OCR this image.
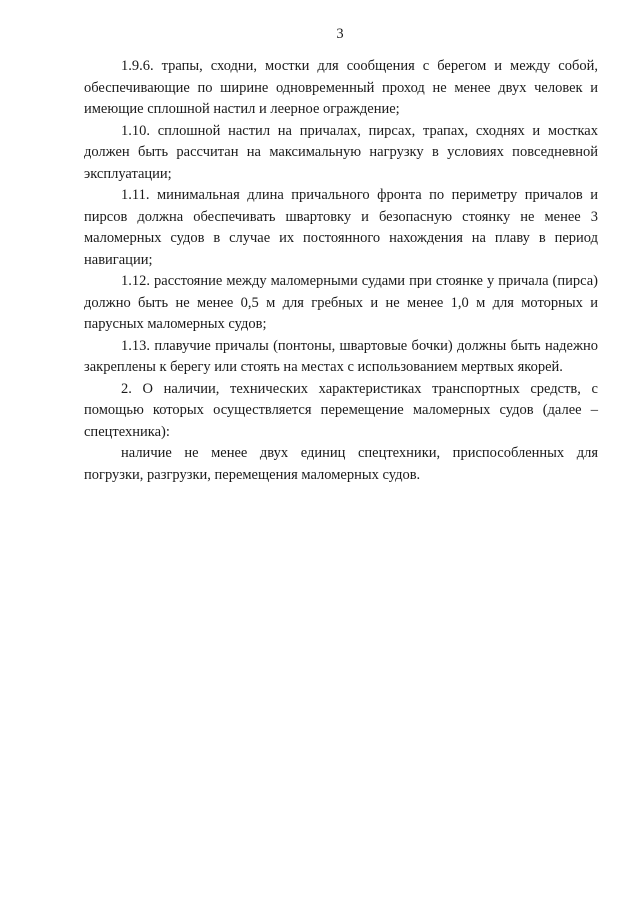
3

1.9.6. трапы, сходни, мостки для сообщения с берегом и между собой, обеспечивающие по ширине одновременный проход не менее двух человек и имеющие сплошной настил и леерное ограждение;

1.10. сплошной настил на причалах, пирсах, трапах, сходнях и мостках должен быть рассчитан на максимальную нагрузку в условиях повседневной эксплуатации;

1.11. минимальная длина причального фронта по периметру причалов и пирсов должна обеспечивать швартовку и безопасную стоянку не менее 3 маломерных судов в случае их постоянного нахождения на плаву в период навигации;

1.12. расстояние между маломерными судами при стоянке у причала (пирса) должно быть не менее 0,5 м для гребных и не менее 1,0 м для моторных и парусных маломерных судов;

1.13. плавучие причалы (понтоны, швартовые бочки) должны быть надежно закреплены к берегу или стоять на местах с использованием мертвых якорей.

2. О наличии, технических характеристиках транспортных средств, с помощью которых осуществляется перемещение маломерных судов (далее – спецтехника):

наличие не менее двух единиц спецтехники, приспособленных для погрузки, разгрузки, перемещения маломерных судов.
